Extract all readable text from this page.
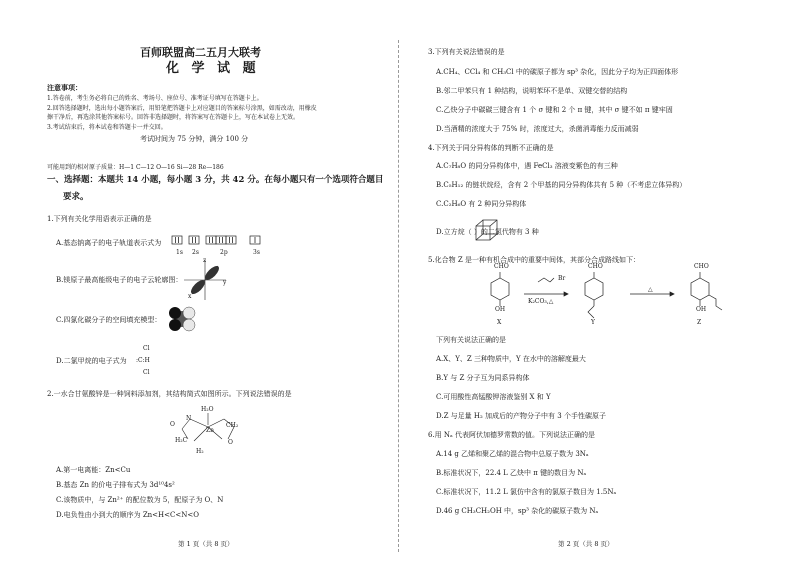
百师联盟高二五月大联考
化 学 试 题
注意事项：
1.答卷前，考生务必将自己的姓名、考场号、座位号、准考证号填写在答题卡上。
2.回答选择题时，选出每小题答案后，用铅笔把答题卡上对应题目的答案标号涂黑，如需改动，用橡皮
擦干净后，再选涂其他答案标号。回答非选择题时，将答案写在答题卡上，写在本试卷上无效。
3.考试结束后，将本试卷和答题卡一并交回。
考试时间为 75 分钟，满分 100 分
可能用到的相对原子质量：H—1 C—12 O—16 Si—28 Re—186
一、选择题：本题共 14 小题，每小题 3 分，共 42 分。在每小题只有一个选项符合题目
要求。
1.下列有关化学用语表示正确的是
A.基态钠离子的电子轨道表示式为
1s 2s	2p	3s
B.镁原子最高能级电子的电子云轮廓图：
z
x
y
C.四氯化碳分子的空间填充模型：
D.二氯甲烷的电子式为
Cl
:C:H
Cl
2.一水合甘氨酸锌是一种饲料添加剂，其结构简式如图所示。下列说法错误的是
H₂O
Zn
O
N
H₂C
CH₂
O
H₂
A.第一电离能：Zn<Cu
B.基态 Zn 的价电子排布式为 3d¹⁰4s²
C.该物质中，与 Zn²⁺ 的配位数为 5，配原子为 O、N
D.电负性由小到大的顺序为 Zn<H<C<N<O
第 1 页（共 8 页）
3.下列有关说法错误的是
A.CH₄、CCl₄ 和 CH₃Cl 中的碳原子都为 sp³ 杂化，因此分子均为正四面体形
B.邻二甲苯只有 1 种结构，说明苯环不是单、双键交替的结构
C.乙炔分子中碳碳三键含有 1 个 σ 键和 2 个 π 键，其中 σ 键不如 π 键牢固
D.当酒精的浓度大于 75% 时，浓度过大，杀菌消毒能力反而减弱
4.下列关于同分异构体的判断不正确的是
A.C₇H₈O 的同分异构体中，遇 FeCl₃ 溶液变紫色的有三种
B.C₅H₁₂ 的链状烷烃，含有 2 个甲基的同分异构体共有 5 种（不考虑立体异构）
C.C₂H₆O 有 2 种同分异构体
D.立方烷（ ）的二氯代物有 3 种
5.化合物 Z 是一种有机合成中的重要中间体，其部分合成路线如下：
CHO	CHO	CHO
OH	OH
X	Y	Z
Br
K₂CO₃,△
△
下列有关说法正确的是
A.X、Y、Z 三种物质中，Y 在水中的溶解度最大
B.Y 与 Z 分子互为同系异构体
C.可用酸性高锰酸钾溶液鉴别 X 和 Y
D.Z 与足量 H₂ 加成后的产物分子中有 3 个手性碳原子
6.用 Nₐ 代表阿伏加德罗常数的值。下列说法正确的是
A.14 g 乙烯和聚乙烯的混合物中总原子数为 3Nₐ
B.标准状况下，22.4 L 乙炔中 π 键的数目为 Nₐ
C.标准状况下，11.2 L 氯仿中含有的氯原子数目为 1.5Nₐ
D.46 g CH₃CH₂OH 中，sp³ 杂化的碳原子数为 Nₐ
第 2 页（共 8 页）
